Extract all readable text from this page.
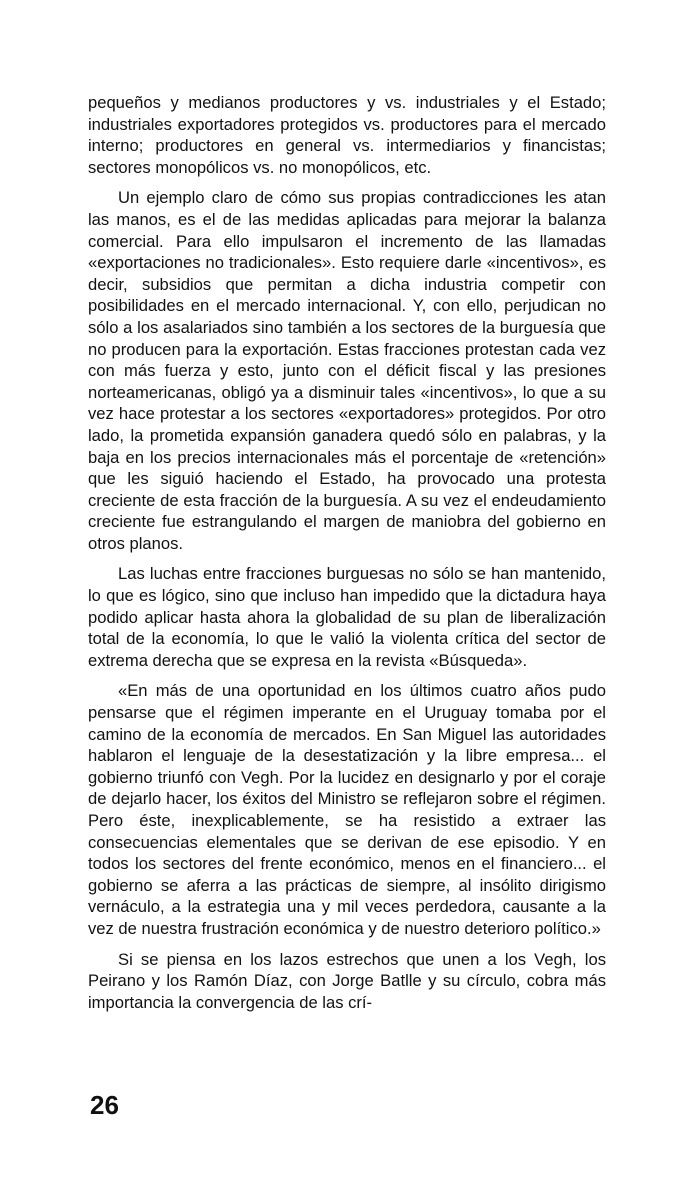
pequeños y medianos productores y vs. industriales y el Estado; industriales exportadores protegidos vs. productores para el mercado interno; productores en general vs. intermediarios y financistas; sectores monopólicos vs. no monopólicos, etc.

Un ejemplo claro de cómo sus propias contradicciones les atan las manos, es el de las medidas aplicadas para mejorar la balanza comercial. Para ello impulsaron el incremento de las llamadas «exportaciones no tradicionales». Esto requiere darle «incentivos», es decir, subsidios que permitan a dicha industria competir con posibilidades en el mercado internacional. Y, con ello, perjudican no sólo a los asalariados sino también a los sectores de la burguesía que no producen para la exportación. Estas fracciones protestan cada vez con más fuerza y esto, junto con el déficit fiscal y las presiones norteamericanas, obligó ya a disminuir tales «incentivos», lo que a su vez hace protestar a los sectores «exportadores» protegidos. Por otro lado, la prometida expansión ganadera quedó sólo en palabras, y la baja en los precios internacionales más el porcentaje de «retención» que les siguió haciendo el Estado, ha provocado una protesta creciente de esta fracción de la burguesía. A su vez el endeudamiento creciente fue estrangulando el margen de maniobra del gobierno en otros planos.

Las luchas entre fracciones burguesas no sólo se han mantenido, lo que es lógico, sino que incluso han impedido que la dictadura haya podido aplicar hasta ahora la globalidad de su plan de liberalización total de la economía, lo que le valió la violenta crítica del sector de extrema derecha que se expresa en la revista «Búsqueda».

«En más de una oportunidad en los últimos cuatro años pudo pensarse que el régimen imperante en el Uruguay tomaba por el camino de la economía de mercados. En San Miguel las autoridades hablaron el lenguaje de la desestatización y la libre empresa... el gobierno triunfó con Vegh. Por la lucidez en designarlo y por el coraje de dejarlo hacer, los éxitos del Ministro se reflejaron sobre el régimen. Pero éste, inexplicablemente, se ha resistido a extraer las consecuencias elementales que se derivan de ese episodio. Y en todos los sectores del frente económico, menos en el financiero... el gobierno se aferra a las prácticas de siempre, al insólito dirigismo vernáculo, a la estrategia una y mil veces perdedora, causante a la vez de nuestra frustración económica y de nuestro deterioro político.»

Si se piensa en los lazos estrechos que unen a los Vegh, los Peirano y los Ramón Díaz, con Jorge Batlle y su círculo, cobra más importancia la convergencia de las crí-

26
